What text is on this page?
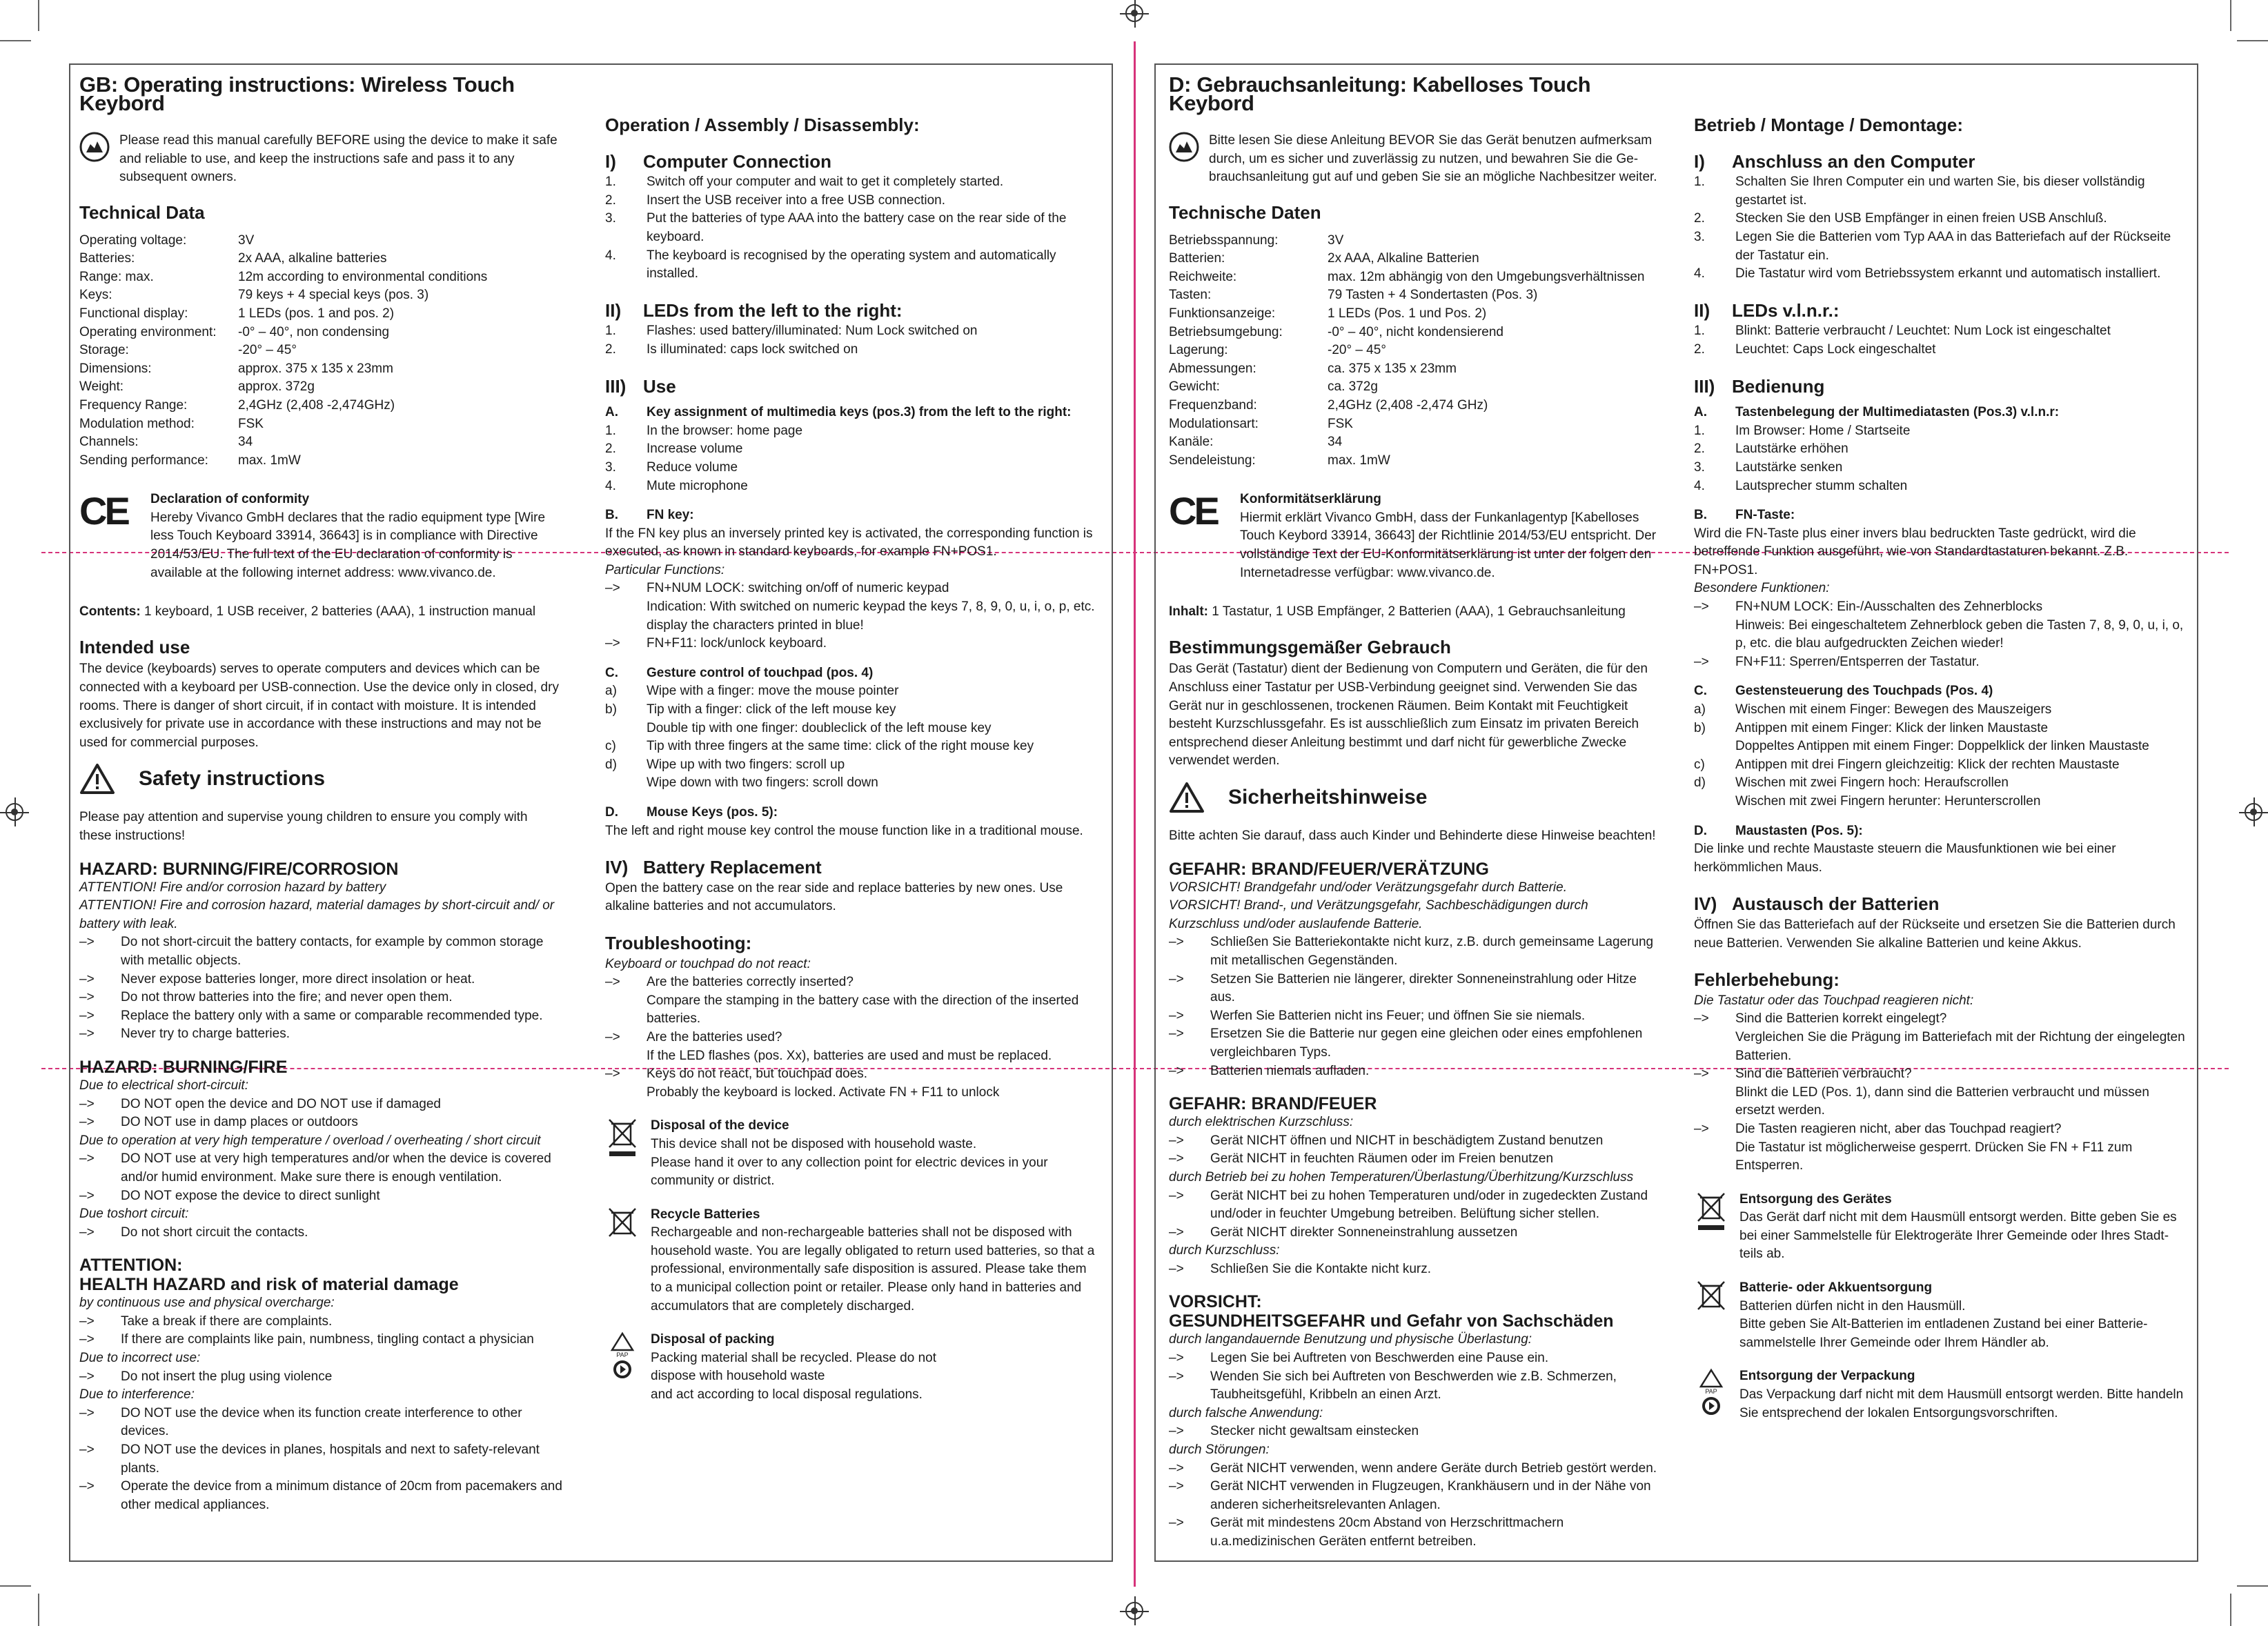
GB: Operating instructions: Wireless Touch Keybord

Please read this manual carefully BEFORE using the device to make it safe and reliable to use, and keep the instructions safe and pass it to any subsequent owners.

Technical Data
Operating voltage:	3V
Batteries:	2x AAA, alkaline batteries
Range: max.	12m according to environmental conditions
Keys:	79 keys + 4 special keys (pos. 3)
Functional display:	1 LEDs (pos. 1 and pos. 2)
Operating environment:	-0° – 40°, non condensing
Storage:	-20° – 45°
Dimensions:	approx. 375 x 135 x 23mm
Weight:	approx. 372g
Frequency Range:	2,4GHz (2,408 -2,474GHz)
Modulation method:	FSK
Channels:	34
Sending performance:	max. 1mW
CE	Declaration of conformity

Hereby Vivanco GmbH declares that the radio equipment type [Wire less Touch Keyboard 33914, 36643] is in compliance with Directive 2014/53/EU. The full text of the EU declaration of conformity is available at the following internet address: www.vivanco.de.

Contents: 1 keyboard, 1 USB receiver, 2 batteries (AAA), 1 instruction manual

Intended use

The device (keyboards) serves to operate computers and devices which can be connected with a keyboard per USB-connection. Use the device only in closed, dry rooms. There is danger of short circuit, if in contact with moisture. It is intended exclusively for private use in accordance with these instructions and may not be used for commercial purposes.

Safety instructions

Please pay attention and supervise young children to ensure you comply with these instructions!

HAZARD: BURNING/FIRE/CORROSION

ATTENTION! Fire and/or corrosion hazard by battery

ATTENTION! Fire and corrosion hazard, material damages by short-circuit and/ or battery with leak.

–>	Do not short-circuit the battery contacts, for example by common storage with metallic objects.
–>	Never expose batteries longer, more direct insolation or heat.
–>	Do not throw batteries into the fire; and never open them.
–>	Replace the battery only with a same or comparable recommended type.
–>	Never try to charge batteries.
HAZARD: BURNING/FIRE

Due to electrical short-circuit:

–>	DO NOT open the device and DO NOT use if damaged
–>	DO NOT use in damp places or outdoors

Due to operation at very high temperature / overload / overheating / short circuit

–>	DO NOT use at very high temperatures and/or when the device is covered and/or humid environment. Make sure there is enough ventilation.
–>	DO NOT expose the device to direct sunlight

Due toshort circuit:

–>	Do not short circuit the contacts.
ATTENTION:
HEALTH HAZARD and risk of material damage

by continuous use and physical overcharge:

–>	Take a break if there are complaints.
–>	If there are complaints like pain, numbness, tingling contact a physician

Due to incorrect use:

–>	Do not insert the plug using violence

Due to interference:

–>	DO NOT use the device when its function create interference to other devices.
–>	DO NOT use the devices in planes, hospitals and next to safety-relevant plants.
–>	Operate the device from a minimum distance of 20cm from pacemakers and other medical appliances.
Operation / Assembly / Disassembly:
I)	Computer Connection
1.	Switch off your computer and wait to get it completely started.
2.	Insert the USB receiver into a free USB connection.
3.	Put the batteries of type AAA into the battery case on the rear side of the keyboard.
4.	The keyboard is recognised by the operating system and automatically installed.
II)	LEDs from the left to the right:
1.	Flashes: used battery/illuminated: Num Lock switched on
2.	Is illuminated: caps lock switched on
III) Use
A.	Key assignment of multimedia keys (pos.3) from the left to the right:
1.	In the browser: home page
2.	Increase volume
3.	Reduce volume
4.	Mute microphone
B.	FN key:

If the FN key plus an inversely printed key is activated, the corresponding function is executed, as known in standard keyboards, for example FN+POS1.

Particular Functions:

–>	FN+NUM LOCK: switching on/off of numeric keypad
Indication: With switched on numeric keypad the keys 7, 8, 9, 0, u, i, o, p, etc. display the characters printed in blue!
–>	FN+F11: lock/unlock keyboard.
C.	Gesture control of touchpad (pos. 4)
a)	Wipe with a finger: move the mouse pointer
b)	Tip with a finger: click of the left mouse key
Double tip with one finger: doubleclick of the left mouse key
c)	Tip with three fingers at the same time: click of the right mouse key
d)	Wipe up with two fingers: scroll up
Wipe down with two fingers: scroll down
D.	Mouse Keys (pos. 5):

The left and right mouse key control the mouse function like in a traditional mouse.

IV) Battery Replacement

Open the battery case on the rear side and replace batteries by new ones. Use alkaline batteries and not accumulators.

Troubleshooting:

Keyboard or touchpad do not react:

–>	Are the batteries correctly inserted?
Compare the stamping in the battery case with the direction of the inserted batteries.
–>	Are the batteries used?
If the LED flashes (pos. Xx), batteries are used and must be replaced.
–>	Keys do not react, but touchpad does.
Probably the keyboard is locked. Activate FN + F11 to unlock
Disposal of the device

This device shall not be disposed with household waste.
Please hand it over to any collection point for electric devices in your community or district.

Recycle Batteries

Rechargeable and non-rechargeable batteries shall not be disposed with household waste. You are legally obligated to return used batteries, so that a professional, environmentally safe disposition is assured. Please take them to a municipal collection point or retailer. Please only hand in batteries and accumulators that are completely discharged.

PAP
Disposal of packing

Packing material shall be recycled. Please do not
dispose with household waste
and act according to local disposal regulations.

D: Gebrauchsanleitung: Kabelloses Touch Keybord

Bitte lesen Sie diese Anleitung BEVOR Sie das Gerät benutzen aufmerksam durch, um es sicher und zuverlässig zu nutzen, und bewahren Sie die Ge- brauchsanleitung gut auf und geben Sie sie an mögliche Nachbesitzer weiter.

Technische Daten
Betriebsspannung:	3V
Batterien:	2x AAA, Alkaline Batterien
Reichweite:	max. 12m abhängig von den Umgebungsverhältnissen
Tasten:	79 Tasten + 4 Sondertasten (Pos. 3)
Funktionsanzeige:	1 LEDs (Pos. 1 und Pos. 2)
Betriebsumgebung:	-0° – 40°, nicht kondensierend
Lagerung:	-20° – 45°
Abmessungen:	ca. 375 x 135 x 23mm
Gewicht:	ca. 372g
Frequenzband:	2,4GHz (2,408 -2,474 GHz)
Modulationsart:	FSK
Kanäle:	34
Sendeleistung:	max. 1mW
CE	Konformitätserklärung

Hiermit erklärt Vivanco GmbH, dass der Funkanlagentyp [Kabelloses Touch Keybord 33914, 36643] der Richtlinie 2014/53/EU entspricht. Der vollständige Text der EU-Konformitätserklärung ist unter der folgen den Internetadresse verfügbar: www.vivanco.de.

Inhalt: 1 Tastatur, 1 USB Empfänger, 2 Batterien (AAA), 1 Gebrauchsanleitung

Bestimmungsgemäßer Gebrauch

Das Gerät (Tastatur) dient der Bedienung von Computern und Geräten, die für den Anschluss einer Tastatur per USB-Verbindung geeignet sind. Verwenden Sie das Gerät nur in geschlossenen, trockenen Räumen. Beim Kontakt mit Feuchtigkeit besteht Kurzschlussgefahr. Es ist ausschließlich zum Einsatz im privaten Bereich entsprechend dieser Anleitung bestimmt und darf nicht für gewerbliche Zwecke verwendet werden.

Sicherheitshinweise

Bitte achten Sie darauf, dass auch Kinder und Behinderte diese Hinweise beachten!

GEFAHR: BRAND/FEUER/VERÄTZUNG

VORSICHT! Brandgefahr und/oder Verätzungsgefahr durch Batterie.

VORSICHT! Brand-, und Verätzungsgefahr, Sachbeschädigungen durch Kurzschluss und/oder auslaufende Batterie.

–>	Schließen Sie Batteriekontakte nicht kurz, z.B. durch gemeinsame Lagerung mit metallischen Gegenständen.
–>	Setzen Sie Batterien nie längerer, direkter Sonneneinstrahlung oder Hitze aus.
–>	Werfen Sie Batterien nicht ins Feuer; und öffnen Sie sie niemals.
–>	Ersetzen Sie die Batterie nur gegen eine gleichen oder eines empfohlenen vergleichbaren Typs.
–>	Batterien niemals aufladen.
GEFAHR: BRAND/FEUER

durch elektrischen Kurzschluss:

–>	Gerät NICHT öffnen und NICHT in beschädigtem Zustand benutzen
–>	Gerät NICHT in feuchten Räumen oder im Freien benutzen

durch Betrieb bei zu hohen Temperaturen/Überlastung/Überhitzung/Kurzschluss

–>	Gerät NICHT bei zu hohen Temperaturen und/oder in zugedeckten Zustand und/oder in feuchter Umgebung betreiben. Belüftung sicher stellen.
–>	Gerät NICHT direkter Sonneneinstrahlung aussetzen

durch Kurzschluss:

–>	Schließen Sie die Kontakte nicht kurz.
VORSICHT:
GESUNDHEITSGEFAHR und Gefahr von Sachschäden

durch langandauernde Benutzung und physische Überlastung:

–>	Legen Sie bei Auftreten von Beschwerden eine Pause ein.
–>	Wenden Sie sich bei Auftreten von Beschwerden wie z.B. Schmerzen, Taubheitsgefühl, Kribbeln an einen Arzt.

durch falsche Anwendung:

–>	Stecker nicht gewaltsam einstecken

durch Störungen:

–>	Gerät NICHT verwenden, wenn andere Geräte durch Betrieb gestört werden.
–>	Gerät NICHT verwenden in Flugzeugen, Krankhäusern und in der Nähe von anderen sicherheitsrelevanten Anlagen.
–>	Gerät mit mindestens 20cm Abstand von Herzschrittmachern u.a.medizinischen Geräten entfernt betreiben.
Betrieb / Montage / Demontage:
I)	Anschluss an den Computer
1.	Schalten Sie Ihren Computer ein und warten Sie, bis dieser vollständig gestartet ist.
2.	Stecken Sie den USB Empfänger in einen freien USB Anschluß.
3.	Legen Sie die Batterien vom Typ AAA in das Batteriefach auf der Rückseite der Tastatur ein.
4.	Die Tastatur wird vom Betriebssystem erkannt und automatisch installiert.
II)	LEDs v.l.n.r.:
1.	Blinkt: Batterie verbraucht / Leuchtet: Num Lock ist eingeschaltet
2.	Leuchtet: Caps Lock eingeschaltet
III) Bedienung
A.	Tastenbelegung der Multimediatasten (Pos.3) v.l.n.r:
1.	Im Browser: Home / Startseite
2.	Lautstärke erhöhen
3.	Lautstärke senken
4.	Lautsprecher stumm schalten
B.	FN-Taste:

Wird die FN-Taste plus einer invers blau bedruckten Taste gedrückt, wird die betreffende Funktion ausgeführt, wie von Standardtastaturen bekannt. Z.B. FN+POS1.

Besondere Funktionen:

–>	FN+NUM LOCK: Ein-/Ausschalten des Zehnerblocks
Hinweis: Bei eingeschaltetem Zehnerblock geben die Tasten 7, 8, 9, 0, u, i, o, p, etc. die blau aufgedruckten Zeichen wieder!
–>	FN+F11: Sperren/Entsperren der Tastatur.
C.	Gestensteuerung des Touchpads (Pos. 4)
a)	Wischen mit einem Finger: Bewegen des Mauszeigers
b)	Antippen mit einem Finger: Klick der linken Maustaste
Doppeltes Antippen mit einem Finger: Doppelklick der linken Maustaste
c)	Antippen mit drei Fingern gleichzeitig: Klick der rechten Maustaste
d)	Wischen mit zwei Fingern hoch: Heraufscrollen
Wischen mit zwei Fingern herunter: Herunterscrollen
D.	Maustasten (Pos. 5):

Die linke und rechte Maustaste steuern die Mausfunktionen wie bei einer herkömmlichen Maus.

IV) Austausch der Batterien

Öffnen Sie das Batteriefach auf der Rückseite und ersetzen Sie die Batterien durch neue Batterien. Verwenden Sie alkaline Batterien und keine Akkus.

Fehlerbehebung:

Die Tastatur oder das Touchpad reagieren nicht:

–>	Sind die Batterien korrekt eingelegt?
Vergleichen Sie die Prägung im Batteriefach mit der Richtung der eingelegten Batterien.
–>	Sind die Batterien verbraucht?
Blinkt die LED (Pos. 1), dann sind die Batterien verbraucht und müssen ersetzt werden.
–>	Die Tasten reagieren nicht, aber das Touchpad reagiert?
Die Tastatur ist möglicherweise gesperrt. Drücken Sie FN + F11 zum Entsperren.
Entsorgung des Gerätes

Das Gerät darf nicht mit dem Hausmüll entsorgt werden. Bitte geben Sie es bei einer Sammelstelle für Elektrogeräte Ihrer Gemeinde oder Ihres Stadt-teils ab.

Batterie- oder Akkuentsorgung

Batterien dürfen nicht in den Hausmüll.
Bitte geben Sie Alt-Batterien im entladenen Zustand bei einer Batterie- sammelstelle Ihrer Gemeinde oder Ihrem Händler ab.

PAP
Entsorgung der Verpackung

Das Verpackung darf nicht mit dem Hausmüll entsorgt werden. Bitte handeln Sie entsprechend der lokalen Entsorgungsvorschriften.
